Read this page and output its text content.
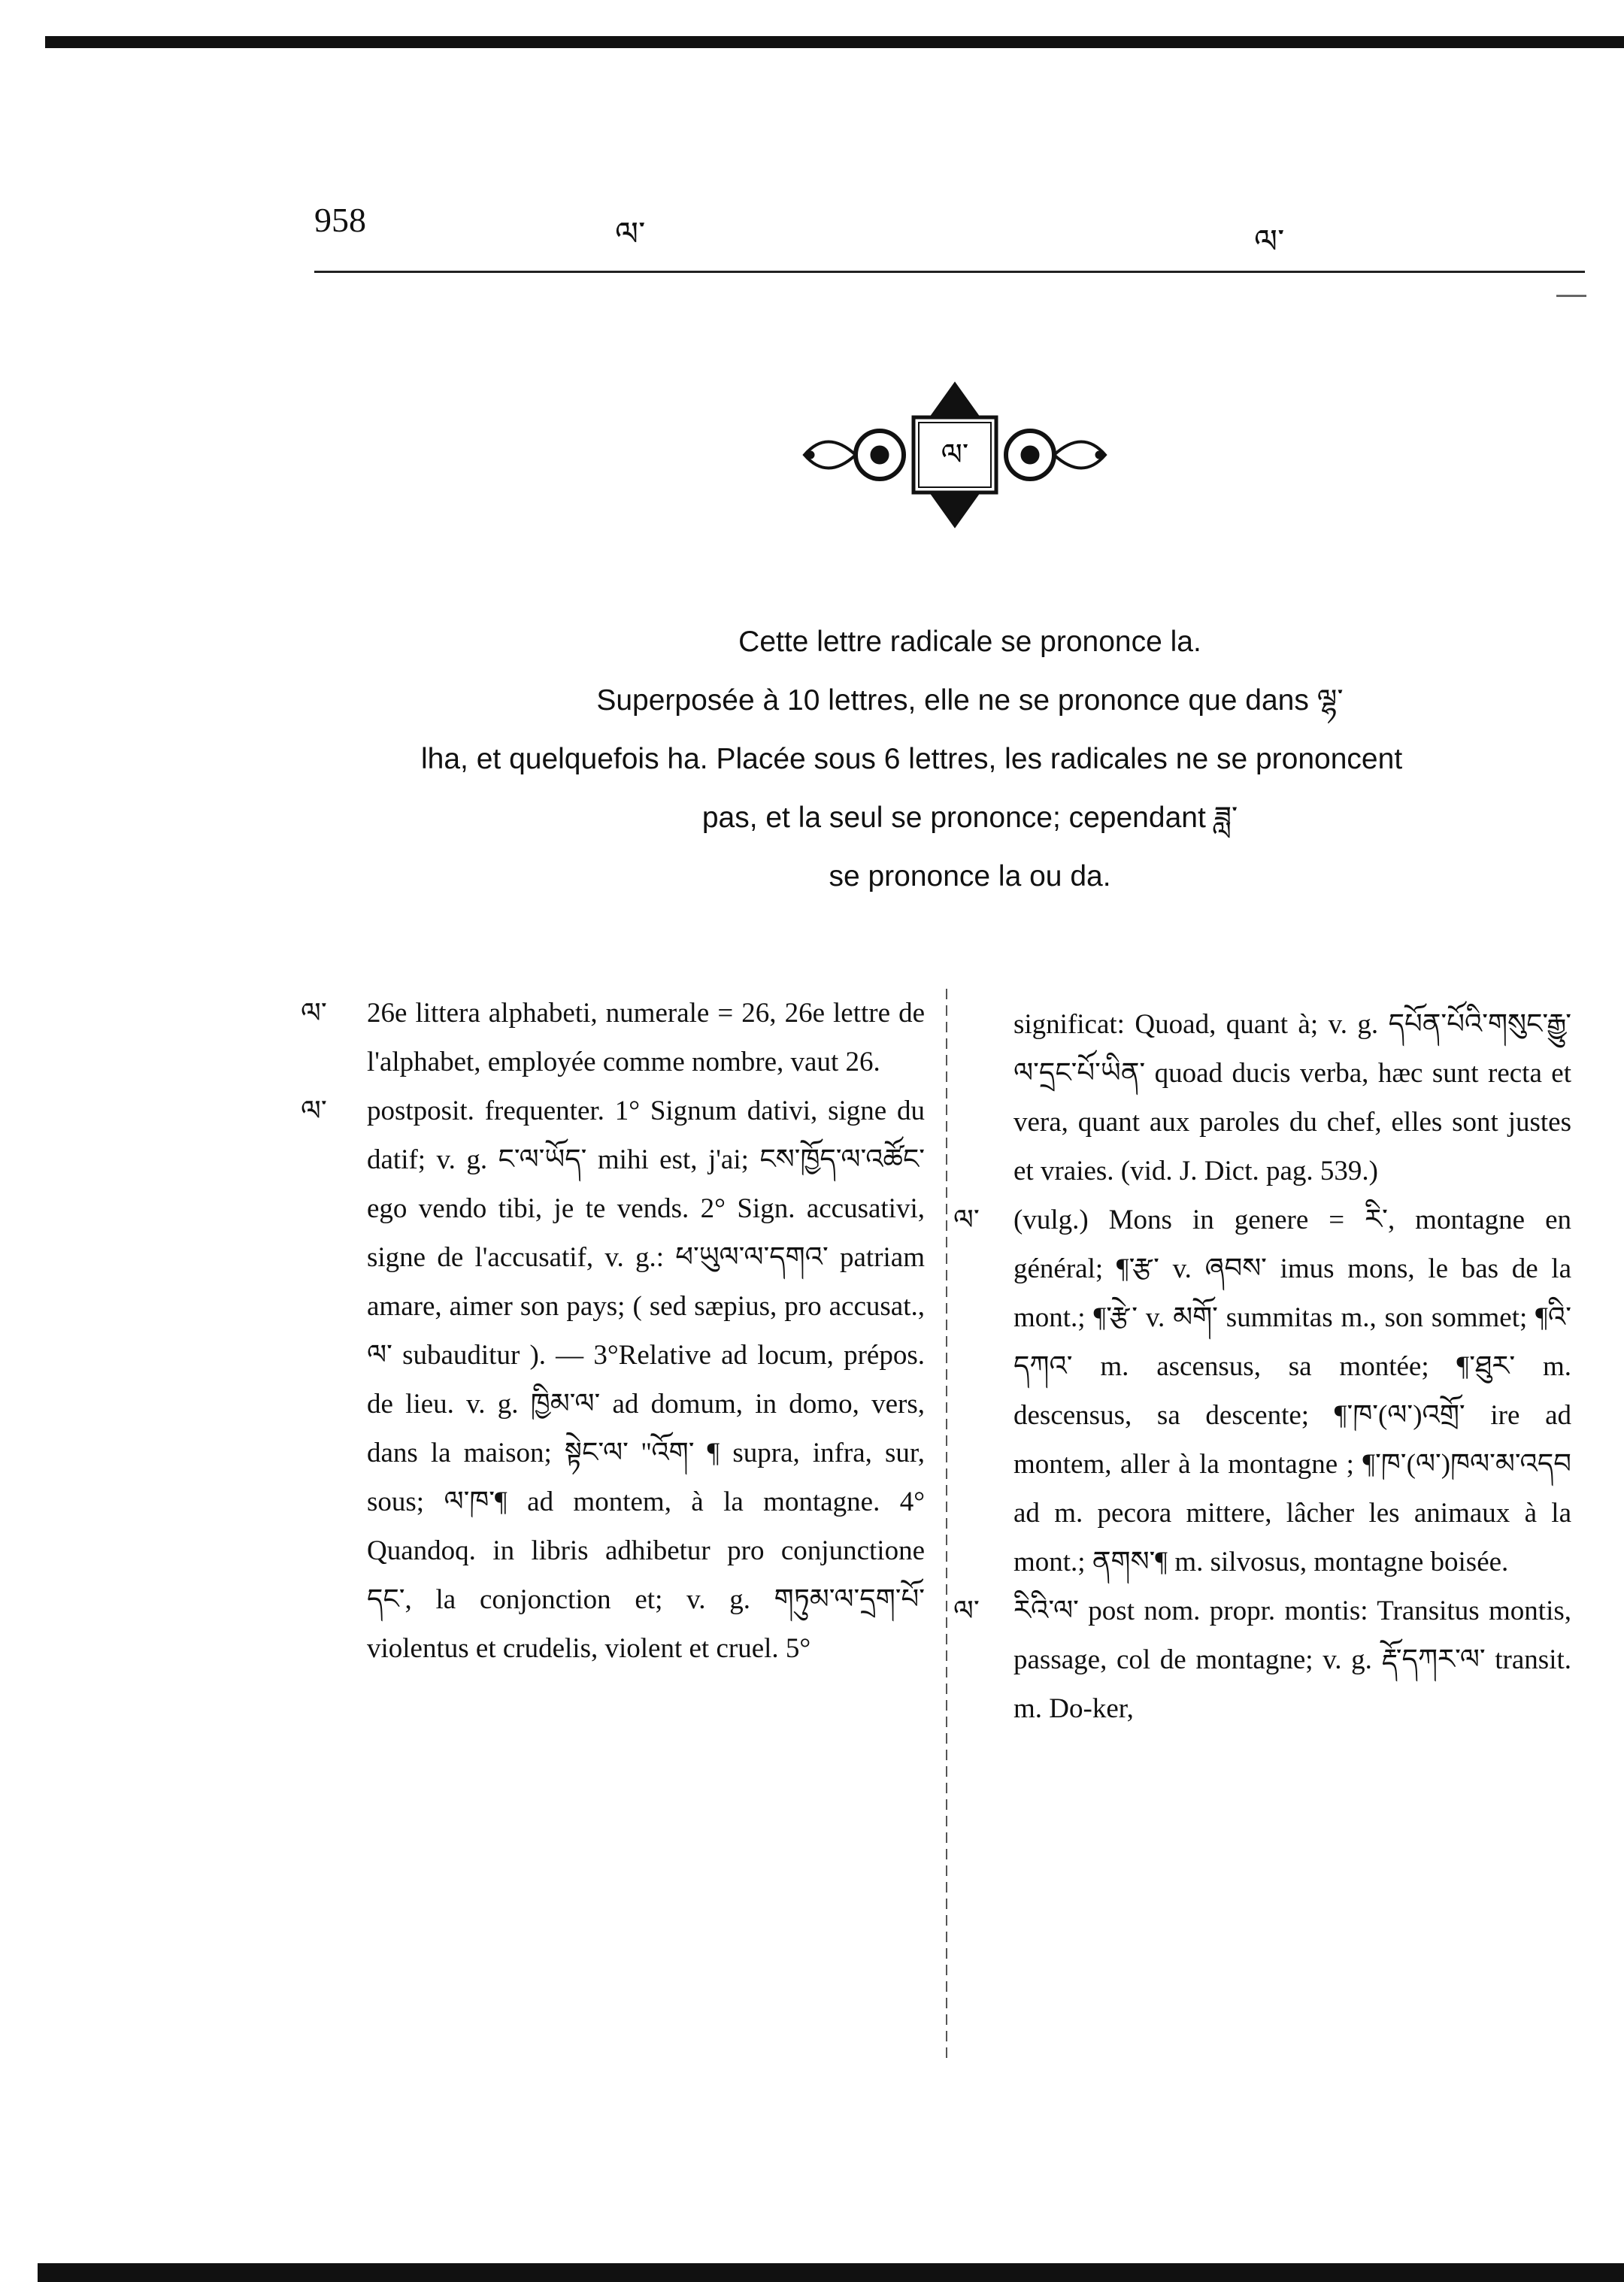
958	ལ་	ལ་
ལ་

Cette lettre radicale se prononce la.

Superposée à 10 lettres, elle ne se prononce que dans ལྷ་

lha, et quelquefois ha. Placée sous 6 lettres, les radicales ne se prononcent

pas, et la seul se prononce; cependant ཟླ་

se prononce la ou da.

ལ་ 26e littera alphabeti, numerale = 26, 26e lettre de l'alphabet, employée comme nombre, vaut 26.

ལ་ postposit. frequenter. 1° Signum dativi, signe du datif; v. g. ང་ལ་ཡོད་ mihi est, j'ai; ངས་ཁྱོད་ལ་འཚོང་ ego vendo tibi, je te vends. 2° Sign. accusativi, signe de l'accusatif, v. g.: ཕ་ཡུལ་ལ་དགའ་ patriam amare, aimer son pays; ( sed sæpius, pro accusat., ལ་ subauditur ). — 3°Relative ad locum, prépos. de lieu. v. g. ཁྱིམ་ལ་ ad domum, in domo, vers, dans la maison; སྟེང་ལ་ ''འོག་ ¶ supra, infra, sur, sous; ལ་ཁ་¶ ad montem, à la montagne. 4° Quandoq. in libris adhibetur pro conjunctione དང་, la conjonction et; v. g. གཏུམ་ལ་དྲག་པོ་ violentus et crudelis, violent et cruel. 5°

significat: Quoad, quant à; v. g. དཔོན་པོའི་གསུང་རྒྱུ་ལ་དྲང་པོ་ཡིན་ quoad ducis verba, hæc sunt recta et vera, quant aux paroles du chef, elles sont justes et vraies. (vid. J. Dict. pag. 539.)

ལ་ (vulg.) Mons in genere = རི་, montagne en général; ¶་རྩ་ v. ཞབས་ imus mons, le bas de la mont.; ¶་རྩེ་ v. མགོ་ summitas m., son sommet; ¶འི་དཀའ་ m. ascensus, sa montée; ¶་ཐུར་ m. descensus, sa descente; ¶་ཁ་(ལ་)འགྲོ་ ire ad montem, aller à la montagne ; ¶་ཁ་(ལ་)ཁལ་མ་འདབ ad m. pecora mittere, lâcher les animaux à la mont.; ནགས་¶ m. silvosus, montagne boisée.

ལ་ རིའི་ལ་ post nom. propr. montis: Transitus montis, passage, col de montagne; v. g. རྡོ་དཀར་ལ་ transit. m. Do-ker,
